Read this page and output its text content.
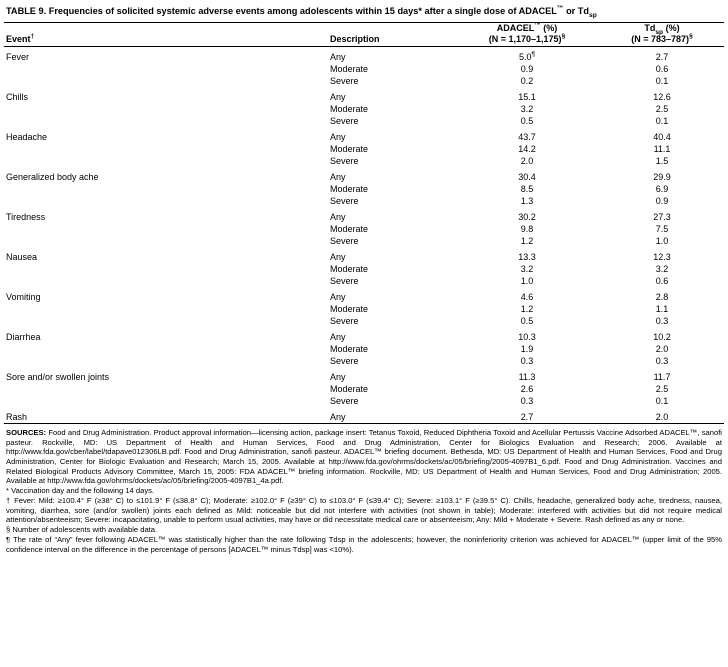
TABLE 9. Frequencies of solicited systemic adverse events among adolescents within 15 days* after a single dose of ADACEL™ or $Td_{sp}$
		ADACEL™ (%)	$Td_{sp}$ (%)
Event†	Description	(N = 1,170–1,175)§	(N = 783–787)§
Fever	Any	5.0¶	2.7
	Moderate	0.9	0.6
	Severe	0.2	0.1
Chills	Any	15.1	12.6
	Moderate	3.2	2.5
	Severe	0.5	0.1
Headache	Any	43.7	40.4
	Moderate	14.2	11.1
	Severe	2.0	1.5
Generalized body ache	Any	30.4	29.9
	Moderate	8.5	6.9
	Severe	1.3	0.9
Tiredness	Any	30.2	27.3
	Moderate	9.8	7.5
	Severe	1.2	1.0
Nausea	Any	13.3	12.3
	Moderate	3.2	3.2
	Severe	1.0	0.6
Vomiting	Any	4.6	2.8
	Moderate	1.2	1.1
	Severe	0.5	0.3
Diarrhea	Any	10.3	10.2
	Moderate	1.9	2.0
	Severe	0.3	0.3
Sore and/or swollen joints	Any	11.3	11.7
	Moderate	2.6	2.5
	Severe	0.3	0.1
Rash	Any	2.7	2.0

SOURCES: Food and Drug Administration. Product approval information—licensing action, package insert: Tetanus Toxoid, Reduced Diphtheria Toxoid and Acellular Pertussis Vaccine Adsorbed ADACEL™, sanofi pasteur. Rockville, MD: US Department of Health and Human Services, Food and Drug Administration, Center for Biologics Evaluation and Research; 2006. Available at http://www.fda.gov/cber/label/tdapave012306LB.pdf. Food and Drug Administration, sanofi pasteur. ADACEL™ briefing document. Bethesda, MD: US Department of Health and Human Services, Food and Drug Administration, Center for Biologic Evaluation and Research; March 15, 2005. Available at http://www.fda.gov/ohrms/dockets/ac/05/briefing/2005-4097B1_6.pdf. Food and Drug Administration. Vaccines and Related Biological Products Advisory Committee, March 15, 2005: FDA ADACEL™ briefing information. Rockville, MD: US Department of Health and Human Services, Food and Drug Administration; 2005. Available at http://www.fda.gov/ohrms/dockets/ac/05/briefing/2005-4097B1_4a.pdf.

* Vaccination day and the following 14 days.

† Fever: Mild: ≥100.4° F (≥38° C) to ≤101.9° F (≤38.8° C); Moderate: ≥102.0° F (≥39° C) to ≤103.0° F (≤39.4° C); Severe: ≥103.1° F (≥39.5° C). Chills, headache, generalized body ache, tiredness, nausea, vomiting, diarrhea, sore (and/or swollen) joints each defined as Mild: noticeable but did not interfere with activities (not shown in table); Moderate: interfered with activities but did not require medical attention/absenteeism; Severe: incapacitating, unable to perform usual activities, may have or did necessitate medical care or absenteeism; Any: Mild + Moderate + Severe. Rash defined as any or none.

§ Number of adolescents with available data.

¶ The rate of “Any” fever following ADACEL™ was statistically higher than the rate following Tdsp in the adolescents; however, the noninferiority criterion was achieved for ADACEL™ (upper limit of the 95% confidence interval on the difference in the percentage of persons [ADACEL™ minus Tdsp] was <10%).
